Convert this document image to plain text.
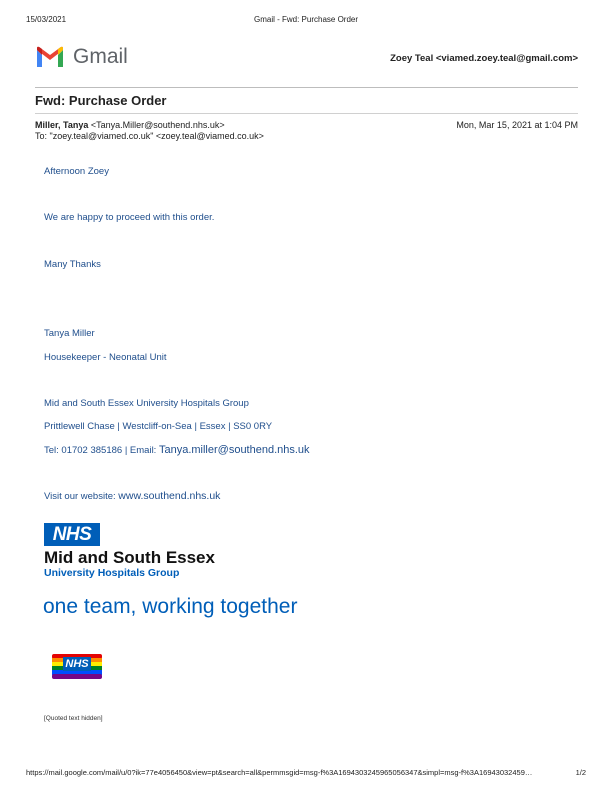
15/03/2021	Gmail - Fwd: Purchase Order
Gmail	Zoey Teal <viamed.zoey.teal@gmail.com>
Fwd: Purchase Order
Miller, Tanya <Tanya.Miller@southend.nhs.uk>	Mon, Mar 15, 2021 at 1:04 PM
To: "zoey.teal@viamed.co.uk" <zoey.teal@viamed.co.uk>
Afternoon Zoey
We are happy to proceed with this order.
Many Thanks
Tanya Miller
Housekeeper - Neonatal Unit
Mid and South Essex University Hospitals Group
Prittlewell Chase | Westcliff-on-Sea | Essex | SS0 0RY
Tel: 01702 385186 | Email: Tanya.miller@southend.nhs.uk
Visit our website: www.southend.nhs.uk
NHS
Mid and South Essex
University Hospitals Group
one team, working together
NHS
[Quoted text hidden]
https://mail.google.com/mail/u/0?ik=77e4056450&view=pt&search=all&permmsgid=msg-f%3A1694303245965056347&simpl=msg-f%3A16943032459…	1/2
